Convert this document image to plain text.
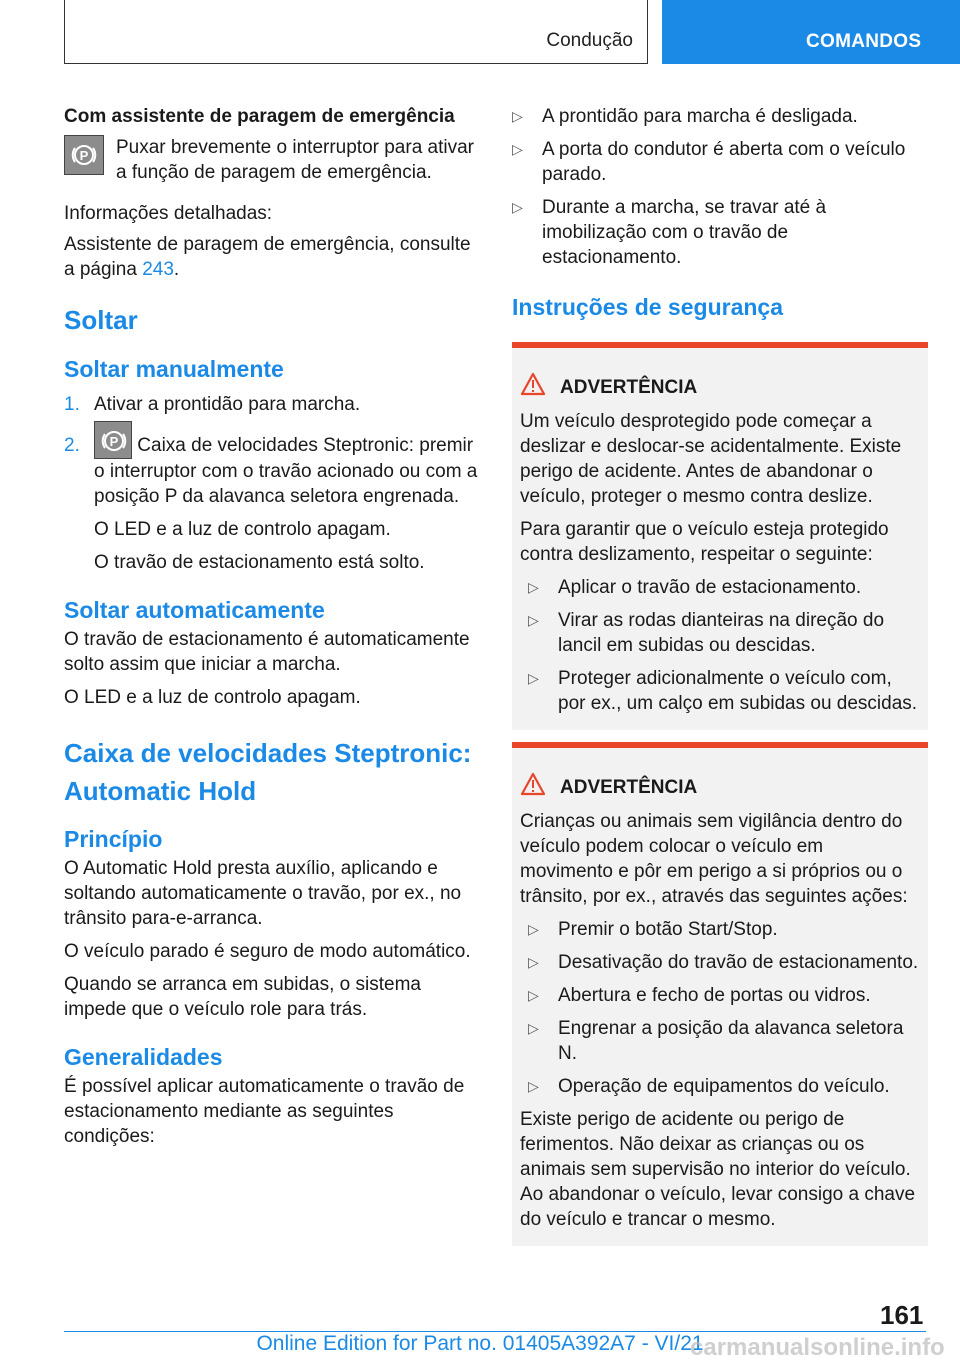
Condução	COMANDOS

Com assistente de paragem de emergência

P Puxar brevemente o interruptor para ativar a função de paragem de emergência.

Informações detalhadas:

Assistente de paragem de emergência, consulte a página 243.

Soltar

Soltar manualmente

1. Ativar a prontidão para marcha.

2.	P Caixa de velocidades Steptronic: premir o interruptor com o travão acionado ou com a posição P da alavanca seletora engrenada.

O LED e a luz de controlo apagam.

O travão de estacionamento está solto.

Soltar automaticamente

O travão de estacionamento é automaticamente solto assim que iniciar a marcha.

O LED e a luz de controlo apagam.

Caixa de velocidades Steptronic: Automatic Hold

Princípio

O Automatic Hold presta auxílio, aplicando e soltando automaticamente o travão, por ex., no trânsito para-e-arranca.

O veículo parado é seguro de modo automático.

Quando se arranca em subidas, o sistema impede que o veículo role para trás.

Generalidades

É possível aplicar automaticamente o travão de estacionamento mediante as seguintes condições:

▷	A prontidão para marcha é desligada.

▷	A porta do condutor é aberta com o veículo parado.

▷	Durante a marcha, se travar até à imobilização com o travão de estacionamento.

Instruções de segurança

ADVERTÊNCIA

Um veículo desprotegido pode começar a deslizar e deslocar-se acidentalmente. Existe perigo de acidente. Antes de abandonar o veículo, proteger o mesmo contra deslize.

Para garantir que o veículo esteja protegido contra deslizamento, respeitar o seguinte:

▷	Aplicar o travão de estacionamento.

▷	Virar as rodas dianteiras na direção do lancil em subidas ou descidas.

▷	Proteger adicionalmente o veículo com, por ex., um calço em subidas ou descidas.

ADVERTÊNCIA

Crianças ou animais sem vigilância dentro do veículo podem colocar o veículo em movimento e pôr em perigo a si próprios ou o trânsito, por ex., através das seguintes ações:

▷	Premir o botão Start/Stop.

▷	Desativação do travão de estacionamento.

▷	Abertura e fecho de portas ou vidros.

▷	Engrenar a posição da alavanca seletora N.

▷	Operação de equipamentos do veículo.

Existe perigo de acidente ou perigo de ferimentos. Não deixar as crianças ou os animais sem supervisão no interior do veículo. Ao abandonar o veículo, levar consigo a chave do veículo e trancar o mesmo.

161
Online Edition for Part no. 01405A392A7 - VI/21
carmanualsonline.info
